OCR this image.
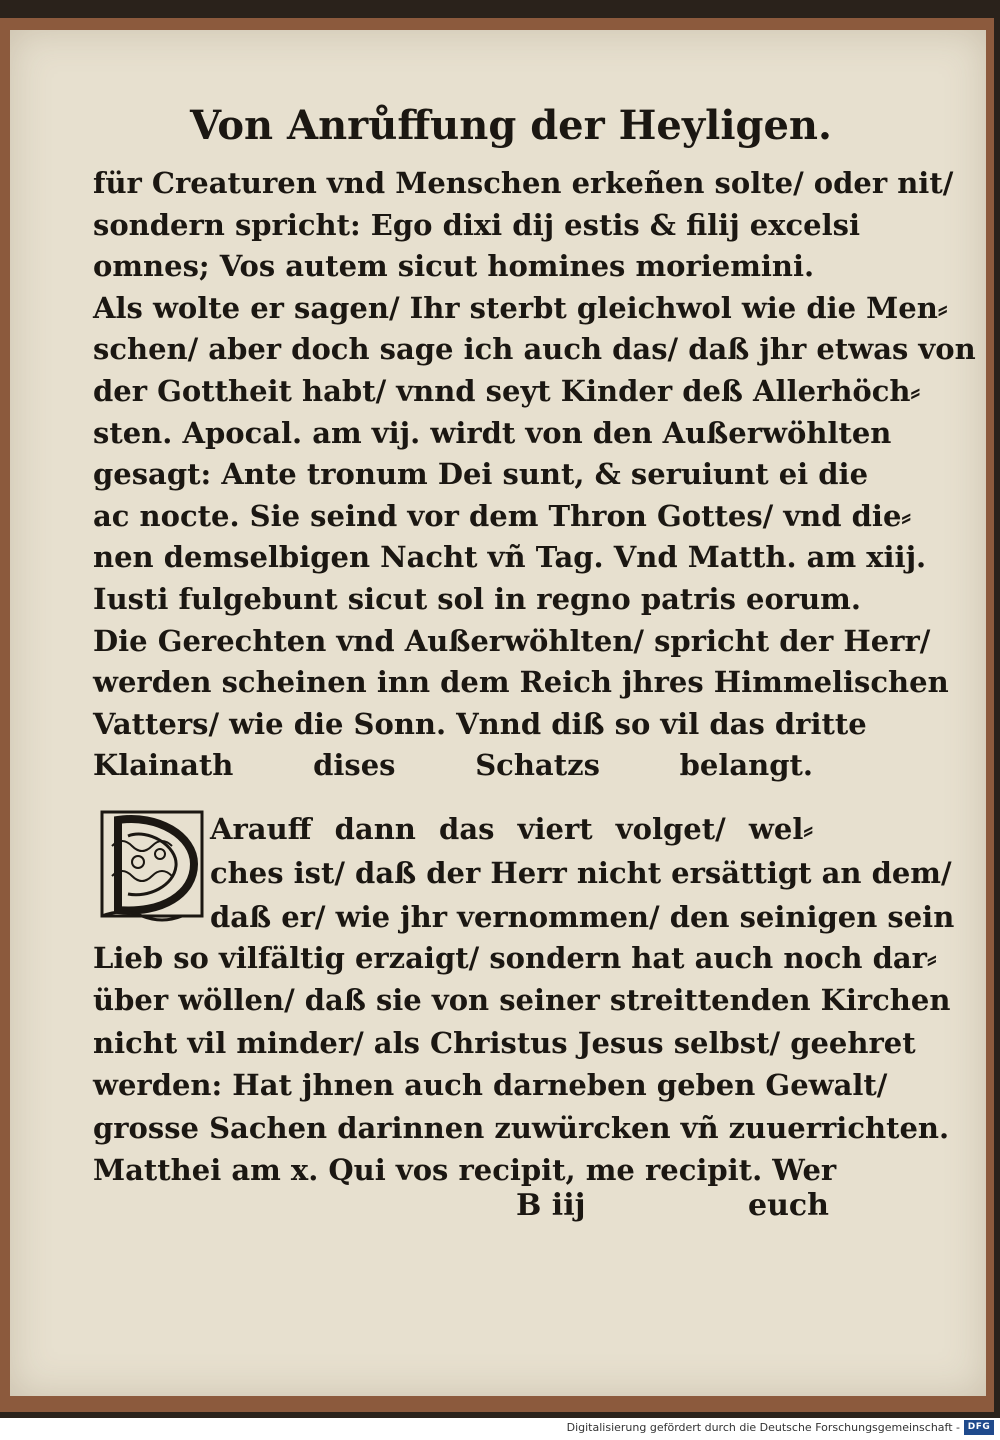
Von Anrůffung der Heyligen.
für Creaturen vnd Menschen erkeñen solte/ oder nit/
sondern spricht: Ego dixi dij estis & filij excelsi
omnes; Vos autem sicut homines moriemini.
Als wolte er sagen/ Ihr sterbt gleichwol wie die Men⸗
schen/ aber doch sage ich auch das/ daß jhr etwas von
der Gottheit habt/ vnnd seyt Kinder deß Allerhöch⸗
sten. Apocal. am vij. wirdt von den Außerwöhlten
gesagt: Ante tronum Dei sunt, & seruiunt ei die
ac nocte. Sie seind vor dem Thron Gottes/ vnd die⸗
nen demselbigen Nacht vñ Tag. Vnd Matth. am xiij.
Iusti fulgebunt sicut sol in regno patris eorum.
Die Gerechten vnd Außerwöhlten/ spricht der Herr/
werden scheinen inn dem Reich jhres Himmelischen
Vatters/ wie die Sonn. Vnnd diß so vil das dritte
Klainath dises Schatzs belangt.
Arauff dann das viert volget/ wel⸗
ches ist/ daß der Herr nicht ersättigt an dem/
daß er/ wie jhr vernommen/ den seinigen sein
Lieb so vilfältig erzaigt/ sondern hat auch noch dar⸗
über wöllen/ daß sie von seiner streittenden Kirchen
nicht vil minder/ als Christus Jesus selbst/ geehret
werden: Hat jhnen auch darneben geben Gewalt/
grosse Sachen darinnen zuwürcken vñ zuuerrichten.
Matthei am x. Qui vos recipit, me recipit. Wer
B iij	euch
Digitalisierung gefördert durch die Deutsche Forschungsgemeinschaft - DFG
